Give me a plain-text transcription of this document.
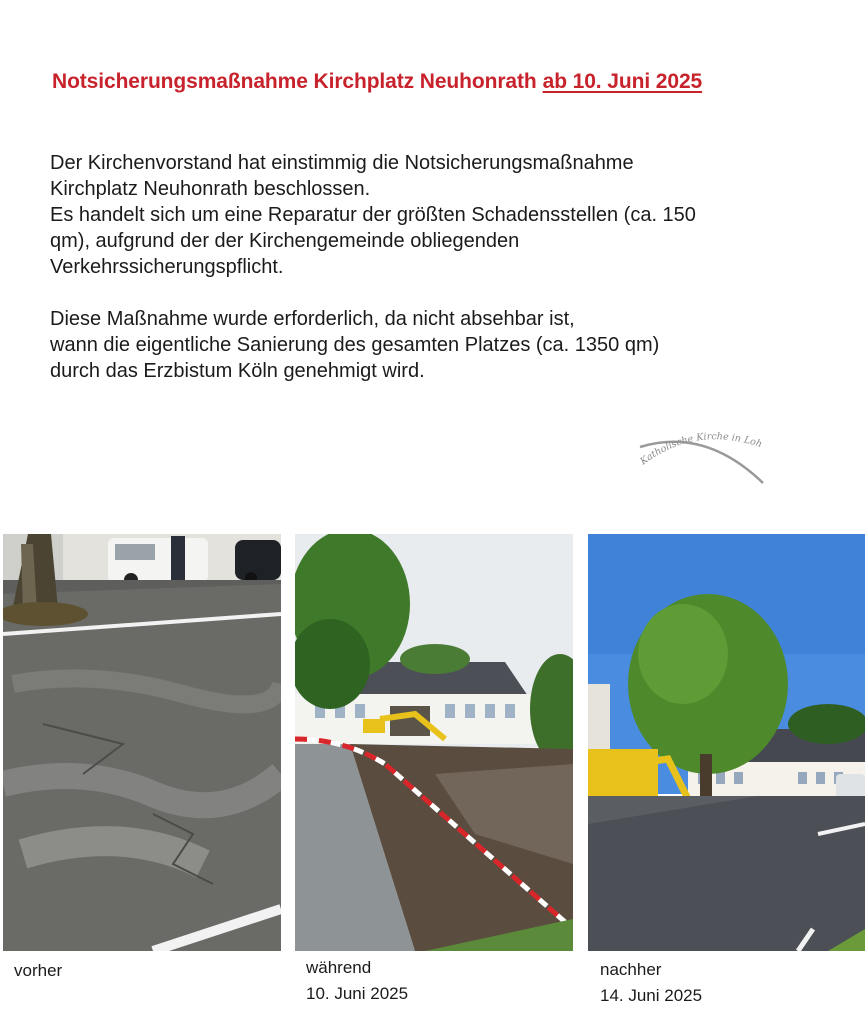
Notsicherungsmaßnahme Kirchplatz Neuhonrath ab 10. Juni 2025

Der Kirchenvorstand hat einstimmig die Notsicherungsmaßnahme
Kirchplatz Neuhonrath beschlossen.
Es handelt sich um eine Reparatur der größten Schadensstellen (ca. 150
qm), aufgrund der der Kirchengemeinde obliegenden
Verkehrssicherungspflicht.

Diese Maßnahme wurde erforderlich, da nicht absehbar ist,
wann die eigentliche Sanierung des gesamten Platzes (ca. 1350 qm)
durch das Erzbistum Köln genehmigt wird.

Katholische Kirche in Loh
vorher	während
10. Juni 2025
nachher
14. Juni 2025
